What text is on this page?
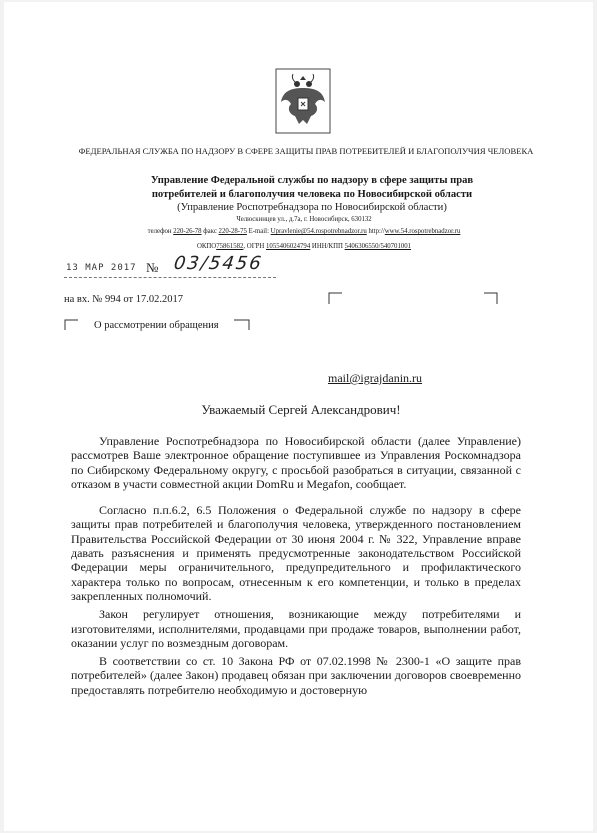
ФЕДЕРАЛЬНАЯ СЛУЖБА ПО НАДЗОРУ В СФЕРЕ ЗАЩИТЫ ПРАВ ПОТРЕБИТЕЛЕЙ И БЛАГОПОЛУЧИЯ ЧЕЛОВЕКА
Управление Федеральной службы по надзору в сфере защиты прав
потребителей и благополучия человека по Новосибирской области
(Управление Роспотребнадзора по Новосибирской области)
Челюскинцев ул., д.7а, г. Новосибирск, 630132
телефон 220-26-78 факс 220-28-75 E-mail: Upravlenie@54.rospotrebnadzor.ru http://www.54.rospotrebnadzor.ru
ОКПО75861582, ОГРН 1055406024794 ИНН/КПП 5406306550/540701001
13 МАР 2017 № 03/5456
на вх. № 994 от 17.02.2017
О рассмотрении обращения
mail@igrajdanin.ru
Уважаемый Сергей Александрович!

Управление Роспотребнадзора по Новосибирской области (далее Управление) рассмотрев Ваше электронное обращение поступившее из Управления Роскомнадзора по Сибирскому Федеральному округу, с просьбой разобраться в ситуации, связанной с отказом в участи совместной акции DomRu и Megafon, сообщает.

Согласно п.п.6.2, 6.5 Положения о Федеральной службе по надзору в сфере защиты прав потребителей и благополучия человека, утвержденного постановлением Правительства Российской Федерации от 30 июня 2004 г. № 322, Управление вправе давать разъяснения и применять предусмотренные законодательством Российской Федерации меры ограничительного, предупредительного и профилактического характера только по вопросам, отнесенным к его компетенции, и только в пределах закрепленных полномочий.

Закон регулирует отношения, возникающие между потребителями и изготовителями, исполнителями, продавцами при продаже товаров, выполнении работ, оказании услуг по возмездным договорам.

В соответствии со ст. 10 Закона РФ от 07.02.1998 № 2300-1 «О защите прав потребителей» (далее Закон) продавец обязан при заключении договоров своевременно предоставлять потребителю необходимую и достоверную
